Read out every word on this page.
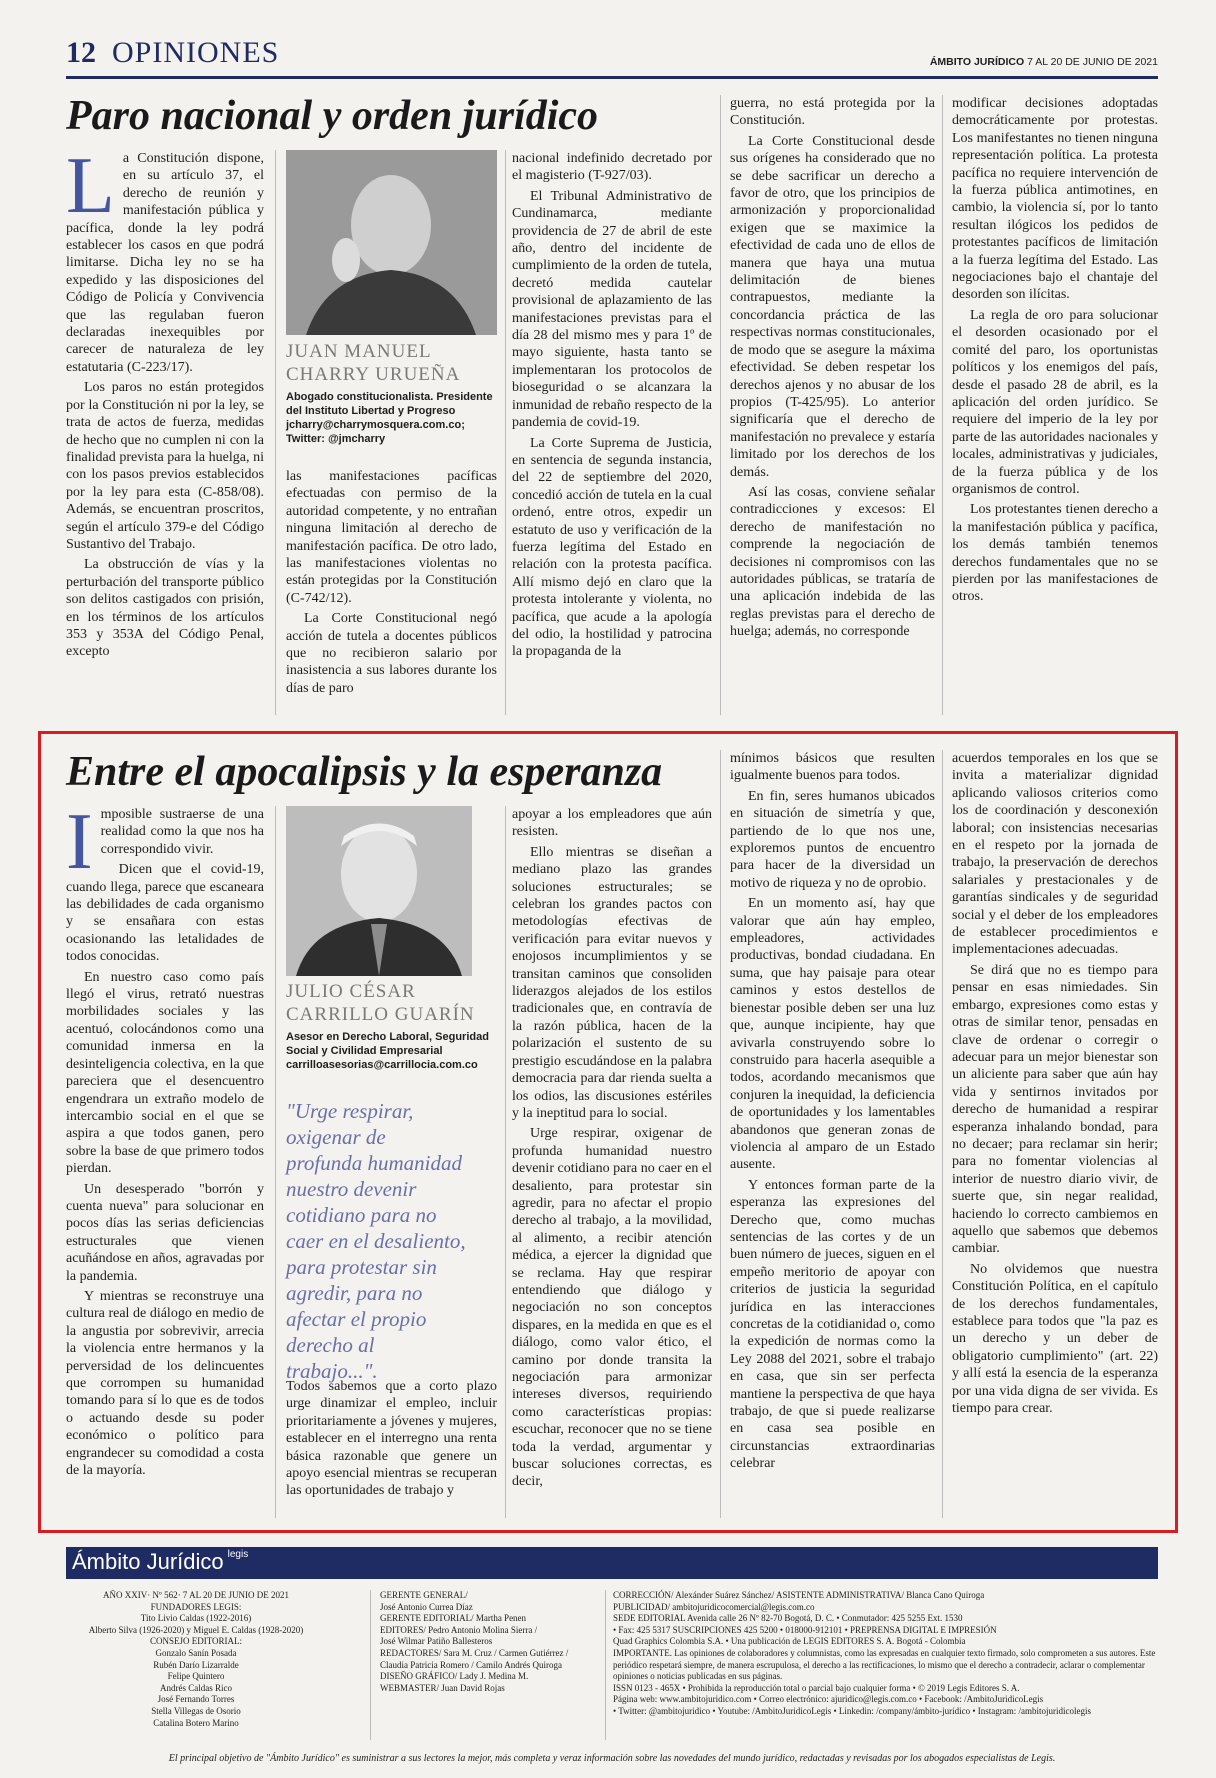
12 OPINIONES	ÁMBITO JURÍDICO 7 AL 20 DE JUNIO DE 2021
Paro nacional y orden jurídico
L a Constitución dispone, en su artículo 37, el derecho de reunión y manifestación pública y pacífica, donde la ley podrá establecer los casos en que podrá limitarse. Dicha ley no se ha expedido y las disposiciones del Código de Policía y Convivencia que las regulaban fueron declaradas inexequibles por carecer de naturaleza de ley estatutaria (C-223/17).

Los paros no están protegidos por la Constitución ni por la ley, se trata de actos de fuerza, medidas de hecho que no cumplen ni con la finalidad prevista para la huelga, ni con los pasos previos establecidos por la ley para esta (C-858/08). Además, se encuentran proscritos, según el artículo 379-e del Código Sustantivo del Trabajo.

La obstrucción de vías y la perturbación del transporte público son delitos castigados con prisión, en los términos de los artículos 353 y 353A del Código Penal, excepto

JUAN MANUEL CHARRY URUEÑA
Abogado constitucionalista. Presidente del Instituto Libertad y Progreso jcharry@charrymosquera.com.co; Twitter: @jmcharry

las manifestaciones pacíficas efectuadas con permiso de la autoridad competente, y no entrañan ninguna limitación al derecho de manifestación pacífica. De otro lado, las manifestaciones violentas no están protegidas por la Constitución (C-742/12).

La Corte Constitucional negó acción de tutela a docentes públicos que no recibieron salario por inasistencia a sus labores durante los días de paro

nacional indefinido decretado por el magisterio (T-927/03).

El Tribunal Administrativo de Cundinamarca, mediante providencia de 27 de abril de este año, dentro del incidente de cumplimiento de la orden de tutela, decretó medida cautelar provisional de aplazamiento de las manifestaciones previstas para el día 28 del mismo mes y para 1º de mayo siguiente, hasta tanto se implementaran los protocolos de bioseguridad o se alcanzara la inmunidad de rebaño respecto de la pandemia de covid-19.

La Corte Suprema de Justicia, en sentencia de segunda instancia, del 22 de septiembre del 2020, concedió acción de tutela en la cual ordenó, entre otros, expedir un estatuto de uso y verificación de la fuerza legítima del Estado en relación con la protesta pacífica. Allí mismo dejó en claro que la protesta intolerante y violenta, no pacífica, que acude a la apología del odio, la hostilidad y patrocina la propaganda de la

guerra, no está protegida por la Constitución.

La Corte Constitucional desde sus orígenes ha considerado que no se debe sacrificar un derecho a favor de otro, que los principios de armonización y proporcionalidad exigen que se maximice la efectividad de cada uno de ellos de manera que haya una mutua delimitación de bienes contrapuestos, mediante la concordancia práctica de las respectivas normas constitucionales, de modo que se asegure la máxima efectividad. Se deben respetar los derechos ajenos y no abusar de los propios (T-425/95). Lo anterior significaría que el derecho de manifestación no prevalece y estaría limitado por los derechos de los demás.

Así las cosas, conviene señalar contradicciones y excesos: El derecho de manifestación no comprende la negociación de decisiones ni compromisos con las autoridades públicas, se trataría de una aplicación indebida de las reglas previstas para el derecho de huelga; además, no corresponde

modificar decisiones adoptadas democráticamente por protestas. Los manifestantes no tienen ninguna representación política. La protesta pacífica no requiere intervención de la fuerza pública antimotines, en cambio, la violencia sí, por lo tanto resultan ilógicos los pedidos de protestantes pacíficos de limitación a la fuerza legítima del Estado. Las negociaciones bajo el chantaje del desorden son ilícitas.

La regla de oro para solucionar el desorden ocasionado por el comité del paro, los oportunistas políticos y los enemigos del país, desde el pasado 28 de abril, es la aplicación del orden jurídico. Se requiere del imperio de la ley por parte de las autoridades nacionales y locales, administrativas y judiciales, de la fuerza pública y de los organismos de control.

Los protestantes tienen derecho a la manifestación pública y pacífica, los demás también tenemos derechos fundamentales que no se pierden por las manifestaciones de otros.

Entre el apocalipsis y la esperanza
I mposible sustraerse de una realidad como la que nos ha correspondido vivir.

Dicen que el covid-19, cuando llega, parece que escaneara las debilidades de cada organismo y se ensañara con estas ocasionando las letalidades de todos conocidas.

En nuestro caso como país llegó el virus, retrató nuestras morbilidades sociales y las acentuó, colocándonos como una comunidad inmersa en la desinteligencia colectiva, en la que pareciera que el desencuentro engendrara un extraño modelo de intercambio social en el que se aspira a que todos ganen, pero sobre la base de que primero todos pierdan.

Un desesperado "borrón y cuenta nueva" para solucionar en pocos días las serias deficiencias estructurales que vienen acuñándose en años, agravadas por la pandemia.

Y mientras se reconstruye una cultura real de diálogo en medio de la angustia por sobrevivir, arrecia la violencia entre hermanos y la perversidad de los delincuentes que corrompen su humanidad tomando para sí lo que es de todos o actuando desde su poder económico o político para engrandecer su comodidad a costa de la mayoría.

JULIO CÉSAR CARRILLO GUARÍN
Asesor en Derecho Laboral, Seguridad Social y Civilidad Empresarial carrilloasesorias@carrillocia.com.co
"Urge respirar, oxigenar de profunda humanidad nuestro devenir cotidiano para no caer en el desaliento, para protestar sin agredir, para no afectar el propio derecho al trabajo...".

Todos sabemos que a corto plazo urge dinamizar el empleo, incluir prioritariamente a jóvenes y mujeres, establecer en el interregno una renta básica razonable que genere un apoyo esencial mientras se recuperan las oportunidades de trabajo y

apoyar a los empleadores que aún resisten.

Ello mientras se diseñan a mediano plazo las grandes soluciones estructurales; se celebran los grandes pactos con metodologías efectivas de verificación para evitar nuevos y enojosos incumplimientos y se transitan caminos que consoliden liderazgos alejados de los estilos tradicionales que, en contravía de la razón pública, hacen de la polarización el sustento de su prestigio escudándose en la palabra democracia para dar rienda suelta a los odios, las discusiones estériles y la ineptitud para lo social.

Urge respirar, oxigenar de profunda humanidad nuestro devenir cotidiano para no caer en el desaliento, para protestar sin agredir, para no afectar el propio derecho al trabajo, a la movilidad, al alimento, a recibir atención médica, a ejercer la dignidad que se reclama. Hay que respirar entendiendo que diálogo y negociación no son conceptos dispares, en la medida en que es el diálogo, como valor ético, el camino por donde transita la negociación para armonizar intereses diversos, requiriendo como características propias: escuchar, reconocer que no se tiene toda la verdad, argumentar y buscar soluciones correctas, es decir,

mínimos básicos que resulten igualmente buenos para todos.

En fin, seres humanos ubicados en situación de simetría y que, partiendo de lo que nos une, exploremos puntos de encuentro para hacer de la diversidad un motivo de riqueza y no de oprobio.

En un momento así, hay que valorar que aún hay empleo, empleadores, actividades productivas, bondad ciudadana. En suma, que hay paisaje para otear caminos y estos destellos de bienestar posible deben ser una luz que, aunque incipiente, hay que avivarla construyendo sobre lo construido para hacerla asequible a todos, acordando mecanismos que conjuren la inequidad, la deficiencia de oportunidades y los lamentables abandonos que generan zonas de violencia al amparo de un Estado ausente.

Y entonces forman parte de la esperanza las expresiones del Derecho que, como muchas sentencias de las cortes y de un buen número de jueces, siguen en el empeño meritorio de apoyar con criterios de justicia la seguridad jurídica en las interacciones concretas de la cotidianidad o, como la expedición de normas como la Ley 2088 del 2021, sobre el trabajo en casa, que sin ser perfecta mantiene la perspectiva de que haya trabajo, de que si puede realizarse en casa sea posible en circunstancias extraordinarias celebrar

acuerdos temporales en los que se invita a materializar dignidad aplicando valiosos criterios como los de coordinación y desconexión laboral; con insistencias necesarias en el respeto por la jornada de trabajo, la preservación de derechos salariales y prestacionales y de garantías sindicales y de seguridad social y el deber de los empleadores de establecer procedimientos e implementaciones adecuadas.

Se dirá que no es tiempo para pensar en esas nimiedades. Sin embargo, expresiones como estas y otras de similar tenor, pensadas en clave de ordenar o corregir o adecuar para un mejor bienestar son un aliciente para saber que aún hay vida y sentirnos invitados por derecho de humanidad a respirar esperanza inhalando bondad, para no decaer; para reclamar sin herir; para no fomentar violencias al interior de nuestro diario vivir, de suerte que, sin negar realidad, haciendo lo correcto cambiemos en aquello que sabemos que debemos cambiar.

No olvidemos que nuestra Constitución Política, en el capítulo de los derechos fundamentales, establece para todos que "la paz es un derecho y un deber de obligatorio cumplimiento" (art. 22) y allí está la esencia de la esperanza por una vida digna de ser vivida. Es tiempo para crear.

Ámbito Jurídico $^{legis}$
AÑO XXIV· Nº 562· 7 AL 20 DE JUNIO DE 2021
FUNDADORES LEGIS:
Tito Livio Caldas (1922-2016)
Alberto Silva (1926-2020) y Miguel E. Caldas (1928-2020)
CONSEJO EDITORIAL:
Gonzalo Sanín Posada
Rubén Darío Lizarralde
Felipe Quintero
Andrés Caldas Rico
José Fernando Torres
Stella Villegas de Osorio
Catalina Botero Marino
GERENTE GENERAL/
José Antonio Currea Díaz
GERENTE EDITORIAL/ Martha Penen
EDITORES/ Pedro Antonio Molina Sierra /
José Wilmar Patiño Ballesteros
REDACTORES/ Sara M. Cruz / Carmen Gutiérrez /
Claudia Patricia Romero / Camilo Andrés Quiroga
DISEÑO GRÁFICO/ Lady J. Medina M.
WEBMASTER/ Juan David Rojas
CORRECCIÓN/ Alexánder Suárez Sánchez/ ASISTENTE ADMINISTRATIVA/ Blanca Cano Quiroga
PUBLICIDAD/ ambitojuridicocomercial@legis.com.co
SEDE EDITORIAL Avenida calle 26 Nº 82-70 Bogotá, D. C. • Conmutador: 425 5255 Ext. 1530
• Fax: 425 5317 SUSCRIPCIONES 425 5200 • 018000-912101 • PREPRENSA DIGITAL E IMPRESIÓN
Quad Graphics Colombia S.A. • Una publicación de LEGIS EDITORES S. A. Bogotá - Colombia
IMPORTANTE. Las opiniones de colaboradores y columnistas, como las expresadas en cualquier texto firmado, solo comprometen a sus autores. Este periódico respetará siempre, de manera escrupulosa, el derecho a las rectificaciones, lo mismo que el derecho a contradecir, aclarar o complementar opiniones o noticias publicadas en sus páginas.
ISSN 0123 - 465X • Prohibida la reproducción total o parcial bajo cualquier forma • © 2019 Legis Editores S. A.
Página web: www.ambitojuridico.com • Correo electrónico: ajuridico@legis.com.co • Facebook: /AmbitoJuridicoLegis
• Twitter: @ambitojuridico • Youtube: /AmbitoJuridicoLegis • Linkedin: /company/ámbito-jurídico • Instagram: /ambitojuridicolegis
El principal objetivo de "Ámbito Jurídico" es suministrar a sus lectores la mejor, más completa y veraz información sobre las novedades del mundo jurídico, redactadas y revisadas por los abogados especialistas de Legis.
